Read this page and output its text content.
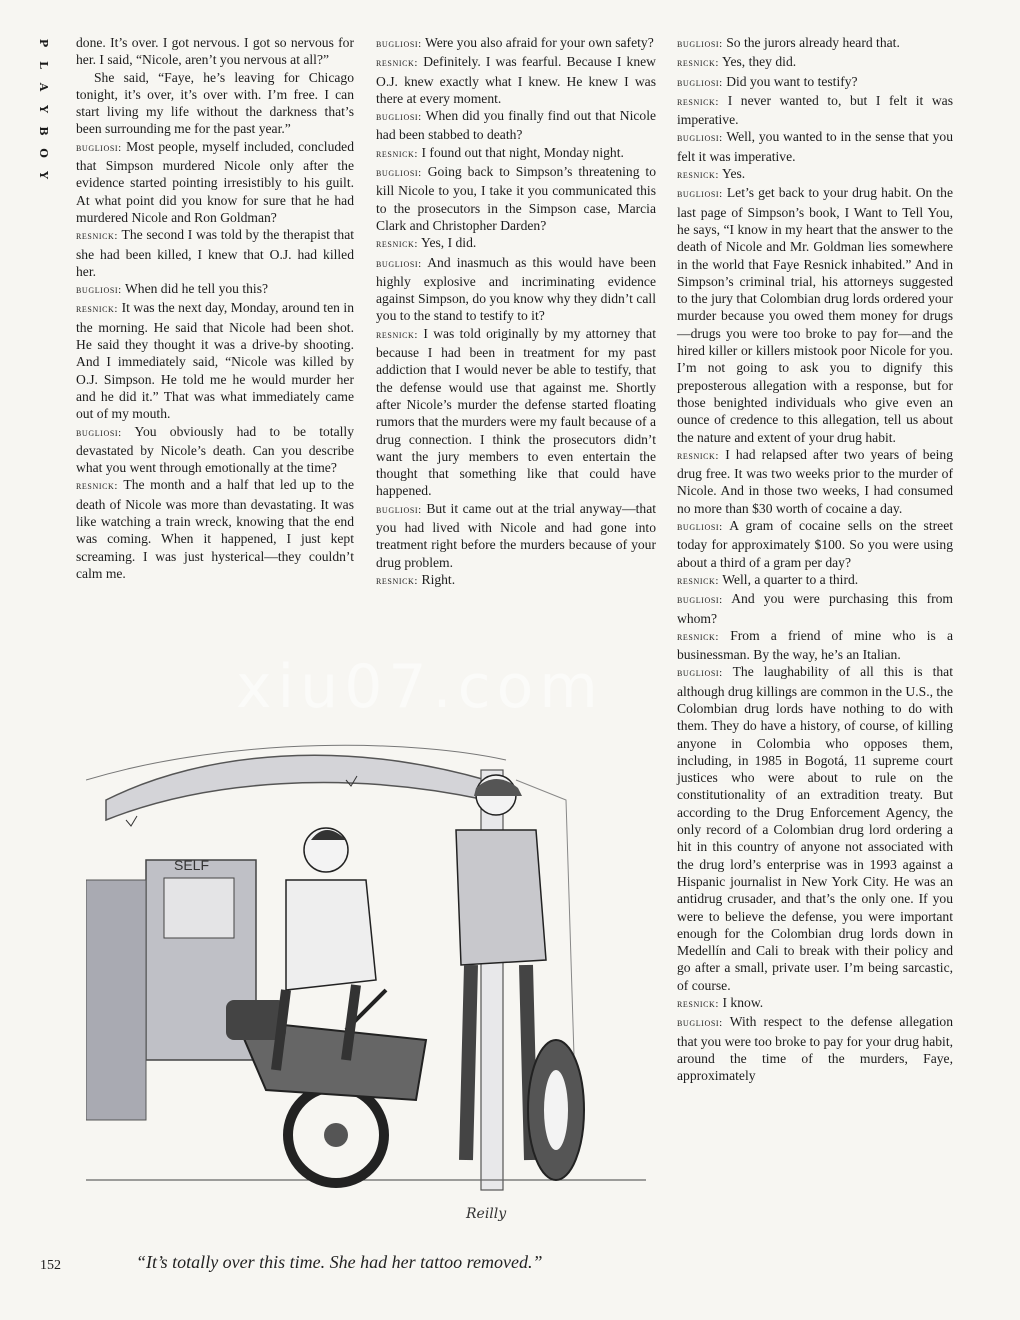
P
L
A
Y
B
O
Y

done. It’s over. I got nervous. I got so nervous for her. I said, “Nicole, aren’t you nervous at all?”

She said, “Faye, he’s leaving for Chicago tonight, it’s over, it’s over with. I’m free. I can start living my life without the darkness that’s been surrounding me for the past year.”

bugliosi: Most people, myself included, concluded that Simpson murdered Nicole only after the evidence started pointing irresistibly to his guilt. At what point did you know for sure that he had murdered Nicole and Ron Goldman?

resnick: The second I was told by the therapist that she had been killed, I knew that O.J. had killed her.

bugliosi: When did he tell you this?

resnick: It was the next day, Monday, around ten in the morning. He said that Nicole had been shot. He said they thought it was a drive-by shooting. And I immediately said, “Nicole was killed by O.J. Simpson. He told me he would murder her and he did it.” That was what immediately came out of my mouth.

bugliosi: You obviously had to be totally devastated by Nicole’s death. Can you describe what you went through emotionally at the time?

resnick: The month and a half that led up to the death of Nicole was more than devastating. It was like watching a train wreck, knowing that the end was coming. When it happened, I just kept screaming. I was just hysterical—they couldn’t calm me.

bugliosi: Were you also afraid for your own safety?

resnick: Definitely. I was fearful. Because I knew O.J. knew exactly what I knew. He knew I was there at every moment.

bugliosi: When did you finally find out that Nicole had been stabbed to death?

resnick: I found out that night, Monday night.

bugliosi: Going back to Simpson’s threatening to kill Nicole to you, I take it you communicated this to the prosecutors in the Simpson case, Marcia Clark and Christopher Darden?

resnick: Yes, I did.

bugliosi: And inasmuch as this would have been highly explosive and incriminating evidence against Simpson, do you know why they didn’t call you to the stand to testify to it?

resnick: I was told originally by my attorney that because I had been in treatment for my past addiction that I would never be able to testify, that the defense would use that against me. Shortly after Nicole’s murder the defense started floating rumors that the murders were my fault because of a drug connection. I think the prosecutors didn’t want the jury members to even entertain the thought that something like that could have happened.

bugliosi: But it came out at the trial anyway—that you had lived with Nicole and had gone into treatment right before the murders because of your drug problem.

resnick: Right.

bugliosi: So the jurors already heard that.

resnick: Yes, they did.

bugliosi: Did you want to testify?

resnick: I never wanted to, but I felt it was imperative.

bugliosi: Well, you wanted to in the sense that you felt it was imperative.

resnick: Yes.

bugliosi: Let’s get back to your drug habit. On the last page of Simpson’s book, I Want to Tell You, he says, “I know in my heart that the answer to the death of Nicole and Mr. Goldman lies somewhere in the world that Faye Resnick inhabited.” And in Simpson’s criminal trial, his attorneys suggested to the jury that Colombian drug lords ordered your murder because you owed them money for drugs—drugs you were too broke to pay for—and the hired killer or killers mistook poor Nicole for you. I’m not going to ask you to dignify this preposterous allegation with a response, but for those benighted individuals who give even an ounce of credence to this allegation, tell us about the nature and extent of your drug habit.

resnick: I had relapsed after two years of being drug free. It was two weeks prior to the murder of Nicole. And in those two weeks, I had consumed no more than $30 worth of cocaine a day.

bugliosi: A gram of cocaine sells on the street today for approximately $100. So you were using about a third of a gram per day?

resnick: Well, a quarter to a third.

bugliosi: And you were purchasing this from whom?

resnick: From a friend of mine who is a businessman. By the way, he’s an Italian.

bugliosi: The laughability of all this is that although drug killings are common in the U.S., the Colombian drug lords have nothing to do with them. They do have a history, of course, of killing anyone in Colombia who opposes them, including, in 1985 in Bogotá, 11 supreme court justices who were about to rule on the constitutionality of an extradition treaty. But according to the Drug Enforcement Agency, the only record of a Colombian drug lord ordering a hit in this country of anyone not associated with the drug lord’s enterprise was in 1993 against a Hispanic journalist in New York City. He was an antidrug crusader, and that’s the only one. If you were to believe the defense, you were important enough for the Colombian drug lords down in Medellín and Cali to break with their policy and go after a small, private user. I’m being sarcastic, of course.

resnick: I know.

bugliosi: With respect to the defense allegation that you were too broke to pay for your drug habit, around the time of the murders, Faye, approximately

SELF
Reilly
“It’s totally over this time. She had her tattoo removed.”
152
xiu07.com
